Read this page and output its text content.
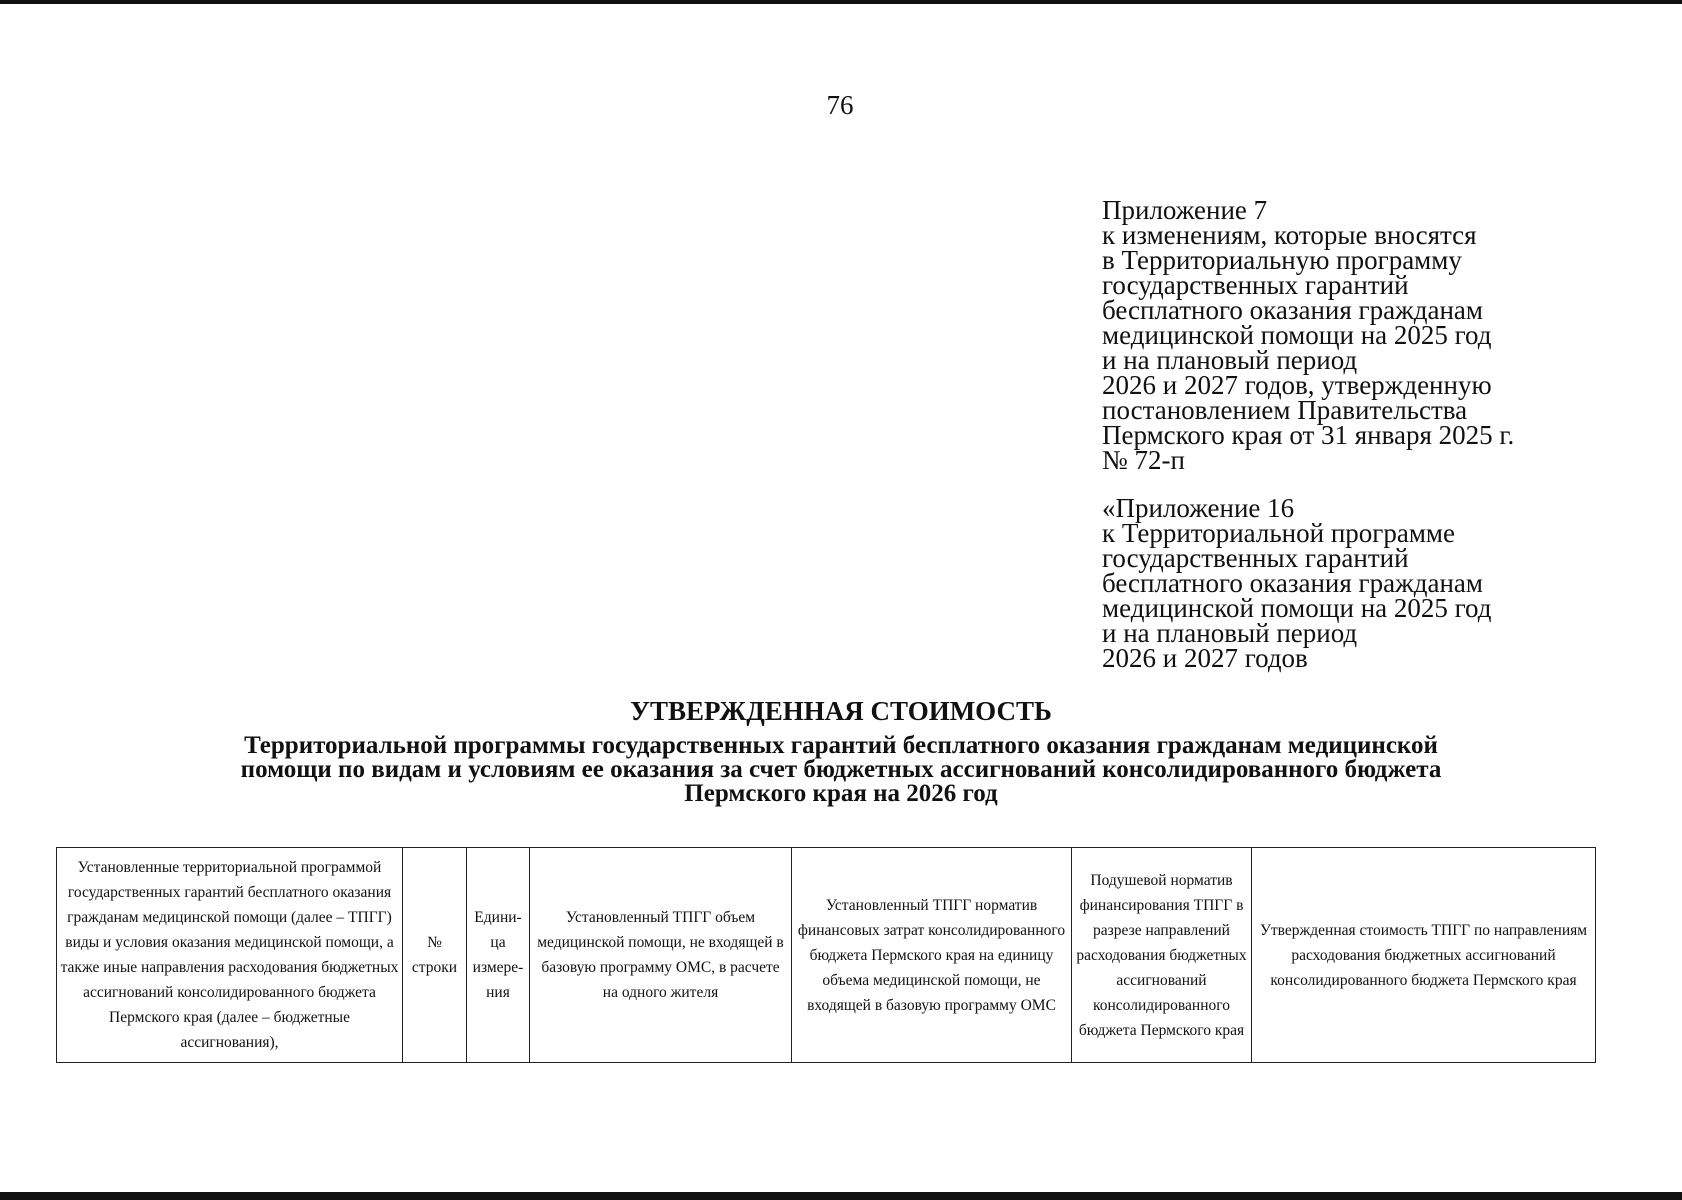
76
Приложение 7
к изменениям, которые вносятся
в Территориальную программу
государственных гарантий
бесплатного оказания гражданам
медицинской помощи на 2025 год
и на плановый период
2026 и 2027 годов, утвержденную
постановлением Правительства
Пермского края от 31 января 2025 г.
№ 72-п
«Приложение 16
к Территориальной программе
государственных гарантий
бесплатного оказания гражданам
медицинской помощи на 2025 год
и на плановый период
2026 и 2027 годов
УТВЕРЖДЕННАЯ СТОИМОСТЬ
Территориальной программы государственных гарантий бесплатного оказания гражданам медицинской
помощи по видам и условиям ее оказания за счет бюджетных ассигнований консолидированного бюджета
Пермского края на 2026 год
Установленные территориальной программой государственных гарантий бесплатного оказания гражданам медицинской помощи (далее – ТПГГ) виды и условия оказания медицинской помощи, а также иные направления расходования бюджетных ассигнований консолидированного бюджета Пермского края (далее – бюджетные ассигнования),	№ строки	Едини- ца измере- ния	Установленный ТПГГ объем медицинской помощи, не входящей в базовую программу ОМС, в расчете на одного жителя	Установленный ТПГГ норматив финансовых затрат консолидированного бюджета Пермского края на единицу объема медицинской помощи, не входящей в базовую программу ОМС	Подушевой норматив финансирования ТПГГ в разрезе направлений расходования бюджетных ассигнований консолидированного бюджета Пермского края	Утвержденная стоимость ТПГГ по направлениям расходования бюджетных ассигнований консолидированного бюджета Пермского края
